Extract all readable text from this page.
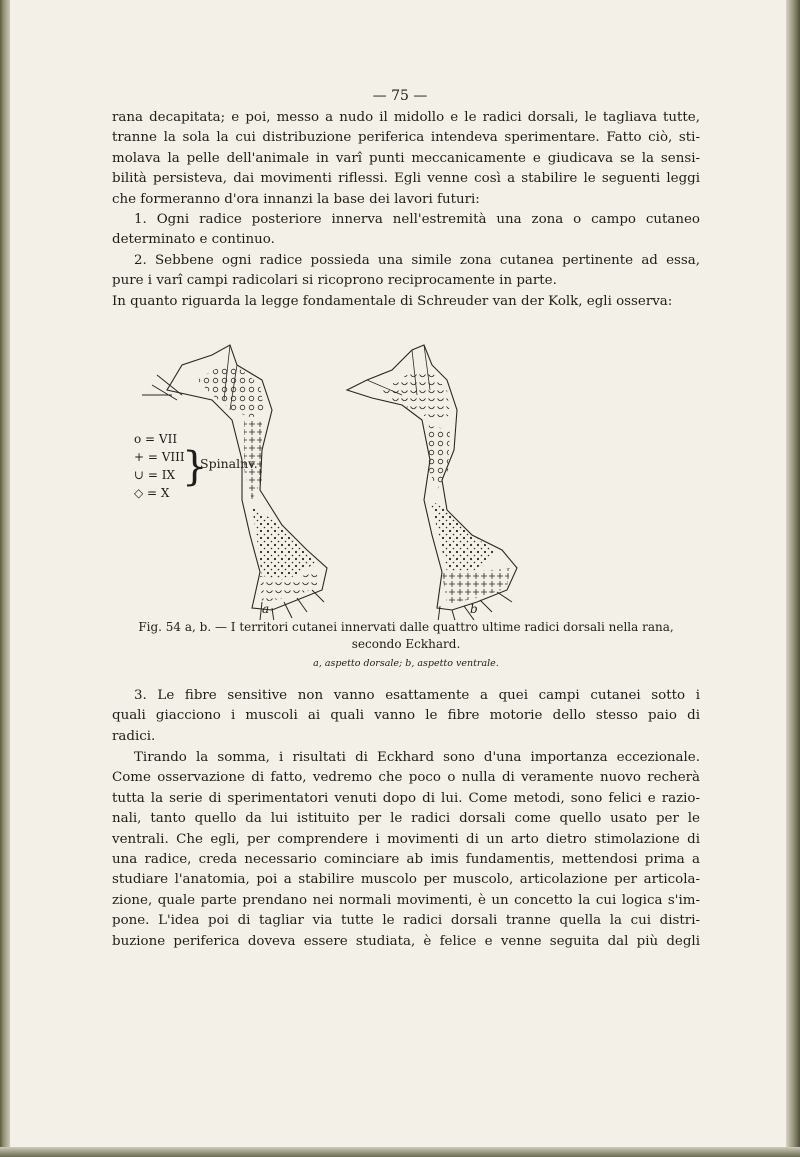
— 75 —
rana decapitata; e poi, messo a nudo il midollo e le radici dorsali, le tagliava tutte,
tranne la sola la cui distribuzione periferica intendeva sperimentare. Fatto ciò, sti-
molava la pelle dell'animale in varî punti meccanicamente e giudicava se la sensi-
bilità persisteva, dai movimenti riflessi. Egli venne così a stabilire le seguenti leggi
che formeranno d'ora innanzi la base dei lavori futuri:
1. Ogni radice posteriore innerva nell'estremità una zona o campo cutaneo
determinato e continuo.
2. Sebbene ogni radice possieda una simile zona cutanea pertinente ad essa,
pure i varî campi radicolari si ricoprono reciprocamente in parte.
In quanto riguarda la legge fondamentale di Schreuder van der Kolk, egli osserva:
o = VII
+ = VIII
∪ = IX
◇ = X
}
Spinalnv.
a	b
Fig. 54 a, b. — I territori cutanei innervati dalle quattro ultime radici dorsali nella rana,
secondo Eckhard.
a, aspetto dorsale; b, aspetto ventrale.
3. Le fibre sensitive non vanno esattamente a quei campi cutanei sotto i
quali giacciono i muscoli ai quali vanno le fibre motorie dello stesso paio di
radici.
Tirando la somma, i risultati di Eckhard sono d'una importanza eccezionale.
Come osservazione di fatto, vedremo che poco o nulla di veramente nuovo recherà
tutta la serie di sperimentatori venuti dopo di lui. Come metodi, sono felici e razio-
nali, tanto quello da lui istituito per le radici dorsali come quello usato per le
ventrali. Che egli, per comprendere i movimenti di un arto dietro stimolazione di
una radice, creda necessario cominciare ab imis fundamentis, mettendosi prima a
studiare l'anatomia, poi a stabilire muscolo per muscolo, articolazione per articola-
zione, quale parte prendano nei normali movimenti, è un concetto la cui logica s'im-
pone. L'idea poi di tagliar via tutte le radici dorsali tranne quella la cui distri-
buzione periferica doveva essere studiata, è felice e venne seguita dal più degli
